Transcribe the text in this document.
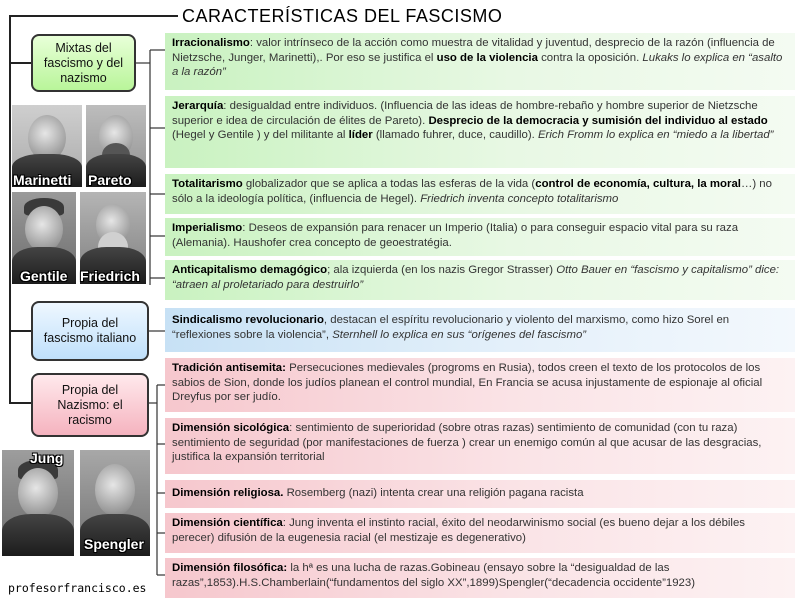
CARACTERÍSTICAS DEL FASCISMO
Mixtas del fascismo y del nazismo
Propia del fascismo italiano
Propia del Nazismo: el racismo
Marinetti Pareto
Gentile Friedrich
Jung
Spengler
Irracionalismo: valor intrínseco de la acción como muestra de vitalidad y juventud, desprecio de la razón (influencia de Nietzsche, Junger, Marinetti),. Por eso se justifica el uso de la violencia contra la oposición. Lukaks lo explica en “asalto a la razón”
Jerarquía: desigualdad entre individuos. (Influencia de las ideas de hombre-rebaño y hombre superior de Nietzsche superior e idea de circulación de élites de Pareto). Desprecio de la democracia y sumisión del individuo al estado (Hegel y Gentile ) y del militante al líder (llamado fuhrer, duce, caudillo). Erich Fromm lo explica en “miedo a la libertad”
Totalitarismo globalizador que se aplica a todas las esferas de la vida (control de economía, cultura, la moral…) no sólo a la ideología política, (influencia de Hegel). Friedrich inventa concepto totalitarismo
Imperialismo: Deseos de expansión para renacer un Imperio (Italia) o para conseguir espacio vital para su raza (Alemania). Haushofer crea concepto de geoestratégia.
Anticapitalismo demagógico; ala izquierda (en los nazis Gregor Strasser) Otto Bauer en “fascismo y capitalismo” dice: “atraen al proletariado para destruirlo”
Sindicalismo revolucionario, destacan el espíritu revolucionario y violento del marxismo, como hizo Sorel en “reflexiones sobre la violencia”, Sternhell lo explica en sus “orígenes del fascismo”
Tradición antisemita: Persecuciones medievales (progroms en Rusia), todos creen el texto de los protocolos de los sabios de Sion, donde los judíos planean el control mundial, En Francia se acusa injustamente de espionaje al oficial Dreyfus por ser judío.
Dimensión sicológica: sentimiento de superioridad (sobre otras razas) sentimiento de comunidad (con tu raza) sentimiento de seguridad (por manifestaciones de fuerza ) crear un enemigo común al que acusar de las desgracias, justifica la expansión territorial
Dimensión religiosa. Rosemberg (nazi) intenta crear una religión pagana racista
Dimensión científica: Jung inventa el instinto racial, éxito del neodarwinismo social (es bueno dejar a los débiles perecer) difusión de la eugenesia racial (el mestizaje es degenerativo)
Dimensión filosófica: la hª es una lucha de razas.Gobineau (ensayo sobre la “desigualdad de las razas”,1853).H.S.Chamberlain(“fundamentos del siglo XX”,1899)Spengler(“decadencia occidente”1923)
profesorfrancisco.es
